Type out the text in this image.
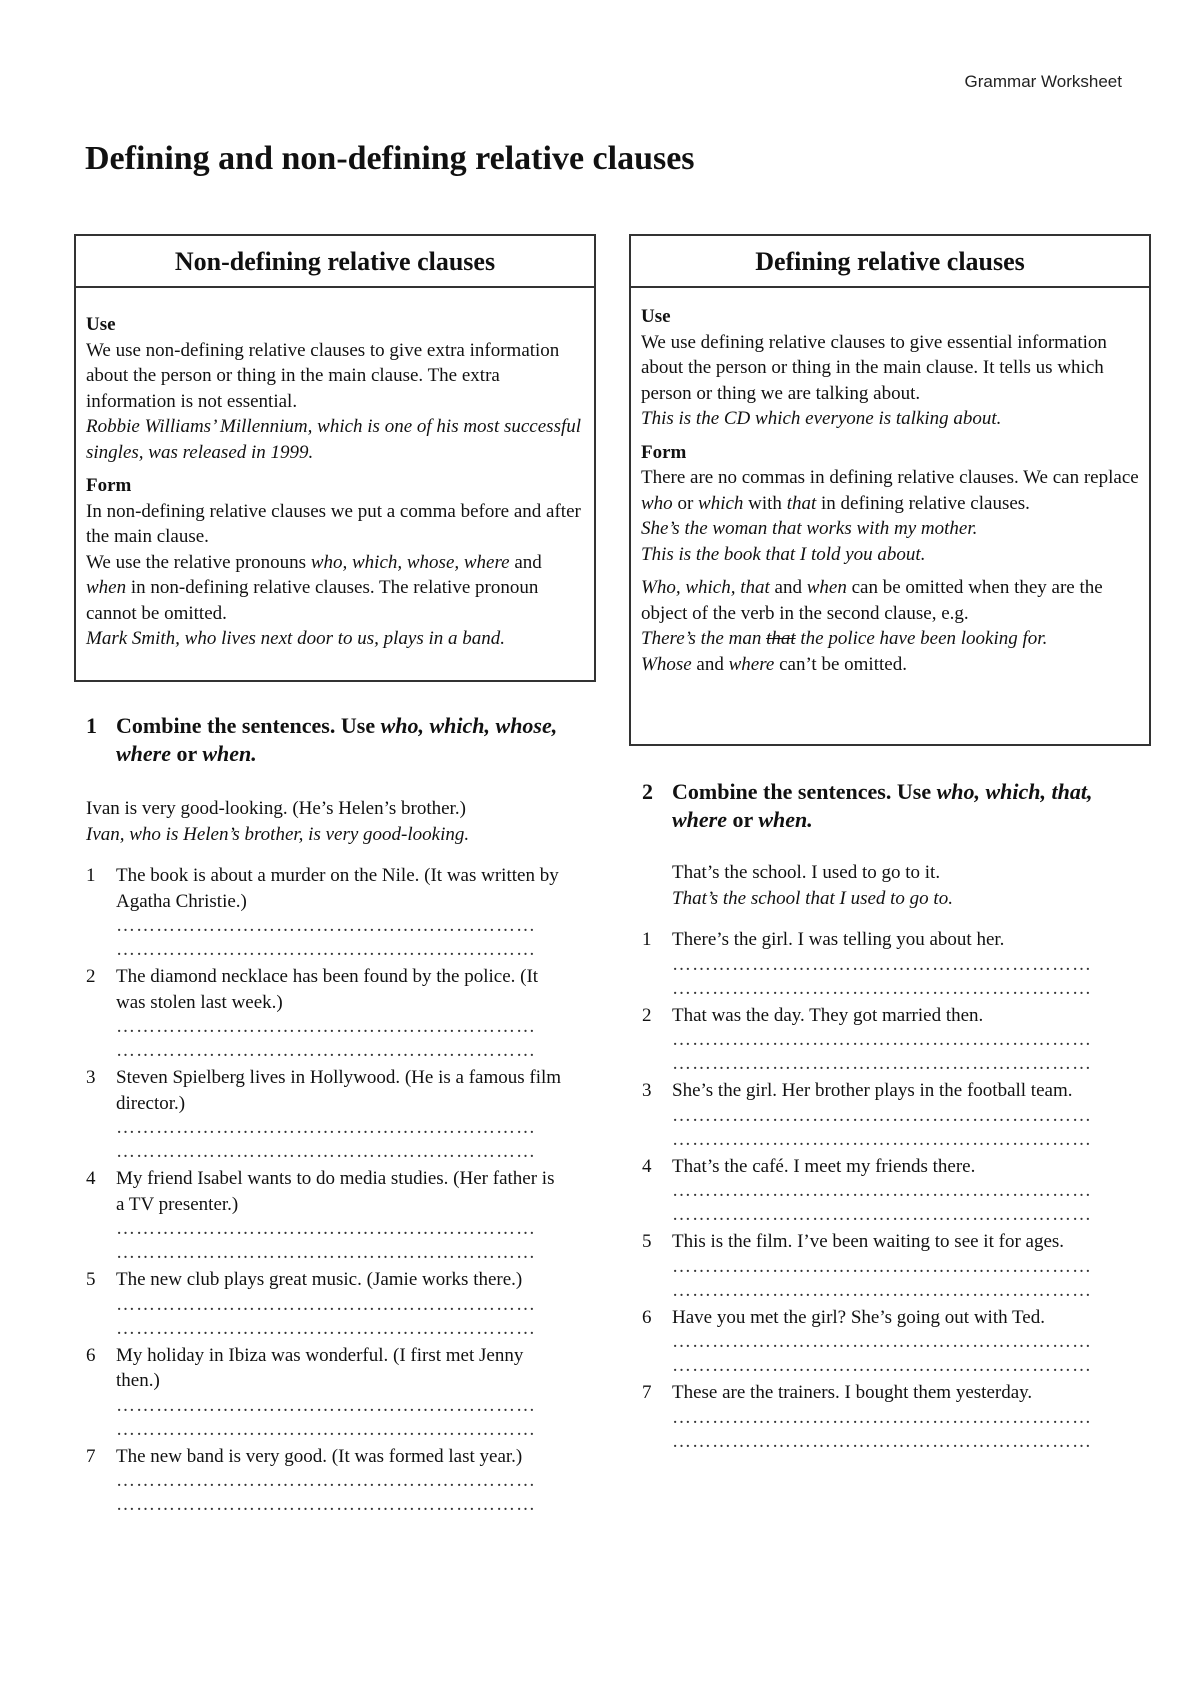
Grammar Worksheet
Defining and non-defining relative clauses
Non-defining relative clauses
Use

We use non-defining relative clauses to give extra information about the person or thing in the main clause. The extra information is not essential.

Robbie Williams’ Millennium, which is one of his most successful singles, was released in 1999.

Form

In non-defining relative clauses we put a comma before and after the main clause.

We use the relative pronouns who, which, whose, where and when in non-defining relative clauses. The relative pronoun cannot be omitted.

Mark Smith, who lives next door to us, plays in a band.

Defining relative clauses
Use

We use defining relative clauses to give essential information about the person or thing in the main clause. It tells us which person or thing we are talking about.

This is the CD which everyone is talking about.

Form

There are no commas in defining relative clauses. We can replace who or which with that in defining relative clauses.

She’s the woman that works with my mother.

This is the book that I told you about.

Who, which, that and when can be omitted when they are the object of the verb in the second clause, e.g.

There’s the man that the police have been looking for.

Whose and where can’t be omitted.

1 Combine the sentences. Use who, which, whose, where or when.
Ivan is very good-looking. (He’s Helen’s brother.)
Ivan, who is Helen’s brother, is very good-looking.
1 The book is about a murder on the Nile. (It was written by Agatha Christie.)
………………………………………………………
………………………………………………………
2 The diamond necklace has been found by the police. (It was stolen last week.)
………………………………………………………
………………………………………………………
3 Steven Spielberg lives in Hollywood. (He is a famous film director.)
………………………………………………………
………………………………………………………
4 My friend Isabel wants to do media studies. (Her father is a TV presenter.)
………………………………………………………
………………………………………………………
5 The new club plays great music. (Jamie works there.)
………………………………………………………
………………………………………………………
6 My holiday in Ibiza was wonderful. (I first met Jenny then.)
………………………………………………………
………………………………………………………
7 The new band is very good. (It was formed last year.)
………………………………………………………
………………………………………………………
2 Combine the sentences. Use who, which, that, where or when.
That’s the school. I used to go to it.
That’s the school that I used to go to.
1 There’s the girl. I was telling you about her.
………………………………………………………
………………………………………………………
2 That was the day. They got married then.
………………………………………………………
………………………………………………………
3 She’s the girl. Her brother plays in the football team.
………………………………………………………
………………………………………………………
4 That’s the café. I meet my friends there.
………………………………………………………
………………………………………………………
5 This is the film. I’ve been waiting to see it for ages.
………………………………………………………
………………………………………………………
6 Have you met the girl? She’s going out with Ted.
………………………………………………………
………………………………………………………
7 These are the trainers. I bought them yesterday.
………………………………………………………
………………………………………………………
